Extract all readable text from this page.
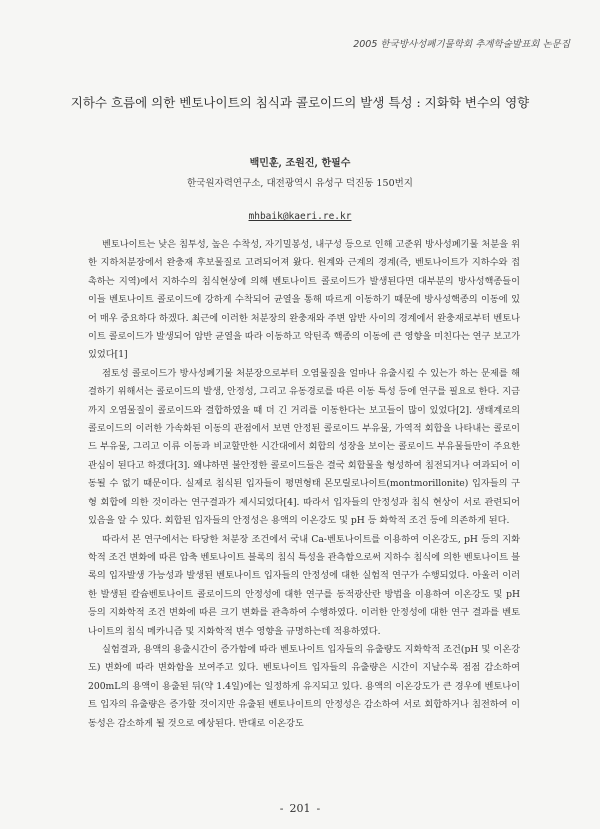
2005 한국방사성폐기물학회 추계학술발표회 논문집
지하수 흐름에 의한 벤토나이트의 침식과 콜로이드의 발생 특성 : 지화학 변수의 영향
백민훈, 조원진, 한필수
한국원자력연구소, 대전광역시 유성구 덕진동 150번지
mhbaik@kaeri.re.kr

벤토나이트는 낮은 침투성, 높은 수착성, 자기밀봉성, 내구성 등으로 인해 고준위 방사성폐기물 처분을 위한 지하처분장에서 완충재 후보물질로 고려되어져 왔다. 원계와 근계의 경계(즉, 벤토나이트가 지하수와 접촉하는 지역)에서 지하수의 침식현상에 의해 벤토나이트 콜로이드가 발생된다면 대부분의 방사성핵종들이 이들 벤토나이트 콜로이드에 강하게 수착되어 균열을 통해 따르게 이동하기 때문에 방사성핵종의 이동에 있어 매우 중요하다 하겠다. 최근에 이러한 처분장의 완충재와 주변 암반 사이의 경계에서 완충재로부터 벤토나이트 콜로이드가 발생되어 암반 균열을 따라 이동하고 악틴족 핵종의 이동에 큰 영향을 미친다는 연구 보고가 있었다[1]

점토성 콜로이드가 방사성폐기물 처분장으로부터 오염물질을 얼마나 유출시킬 수 있는가 하는 문제를 해결하기 위해서는 콜로이드의 발생, 안정성, 그리고 유동경로를 따른 이동 특성 등에 연구를 필요로 한다. 지금까지 오염물질이 콜로이드와 결합하였을 때 더 긴 거리를 이동한다는 보고들이 많이 있었다[2]. 생태계로의 콜로이드의 이러한 가속화된 이동의 관점에서 보면 안정된 콜로이드 부유물, 가역적 회합을 나타내는 콜로이드 부유물, 그리고 이류 이동과 비교할만한 시간대에서 회합의 성장을 보이는 콜로이드 부유물들만이 주요한 관심이 된다고 하겠다[3]. 왜냐하면 불안정한 콜로이드들은 결국 회합물을 형성하여 침전되거나 여과되어 이동될 수 없기 때문이다. 실제로 침식된 입자들이 평면형태 몬모릴로나이트(montmorillonite) 입자들의 구형 회합에 의한 것이라는 연구결과가 제시되었다[4]. 따라서 입자들의 안정성과 침식 현상이 서로 관련되어 있음을 알 수 있다. 회합된 입자들의 안정성은 용액의 이온강도 및 pH 등 화학적 조건 등에 의존하게 된다.

따라서 본 연구에서는 타당한 처분장 조건에서 국내 Ca-벤토나이트를 이용하여 이온강도, pH 등의 지화학적 조건 변화에 따른 압축 벤토나이트 블록의 침식 특성을 관측함으로써 지하수 침식에 의한 벤토나이트 블록의 입자발생 가능성과 발생된 벤토나이트 입자들의 안정성에 대한 실험적 연구가 수행되었다. 아울러 이러한 발생된 칼슘벤토나이트 콜로이드의 안정성에 대한 연구를 동적광산란 방법을 이용하여 이온강도 및 pH 등의 지화학적 조건 변화에 따른 크기 변화를 관측하여 수행하였다. 이러한 안정성에 대한 연구 결과를 벤토나이트의 침식 메카니즘 및 지화학적 변수 영향을 규명하는데 적용하였다.

실험결과, 용액의 용출시간이 증가함에 따라 벤토나이트 입자들의 유출량도 지화학적 조건(pH 및 이온강도) 변화에 따라 변화함을 보여주고 있다. 벤토나이트 입자들의 유출량은 시간이 지날수록 점점 감소하여 200mL의 용액이 용출된 뒤(약 1.4일)에는 일정하게 유지되고 있다. 용액의 이온강도가 큰 경우에 벤토나이트 입자의 유출량은 증가할 것이지만 유출된 벤토나이트의 안정성은 감소하여 서로 회합하거나 침전하여 이동성은 감소하게 될 것으로 예상된다. 반대로 이온강도

- 201 -
